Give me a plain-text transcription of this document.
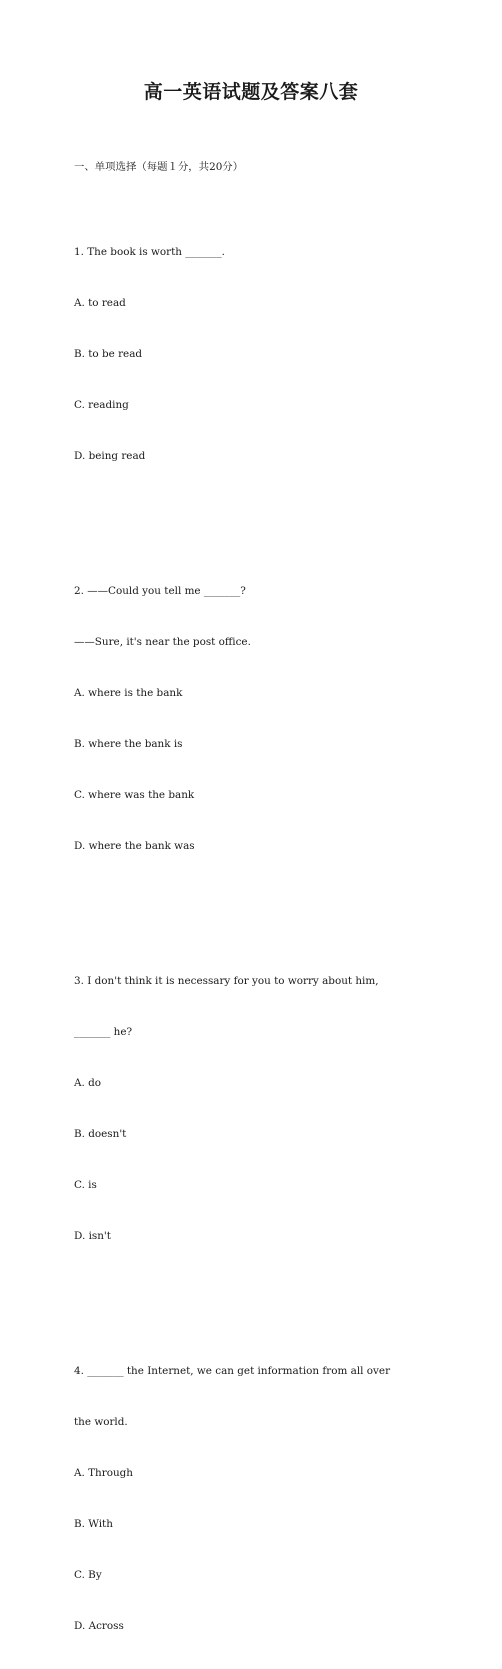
高一英语试题及答案八套

一、单项选择（每题１分，共20分）

1. The book is worth _______.

A. to read

B. to be read

C. reading

D. being read

2. ——Could you tell me _______?

——Sure, it's near the post office.

A. where is the bank

B. where the bank is

C. where was the bank

D. where the bank was

3. I don't think it is necessary for you to worry about him,

_______ he?

A. do

B. doesn't

C. is

D. isn't

4. _______ the Internet, we can get information from all over

the world.

A. Through

B. With

C. By

D. Across
